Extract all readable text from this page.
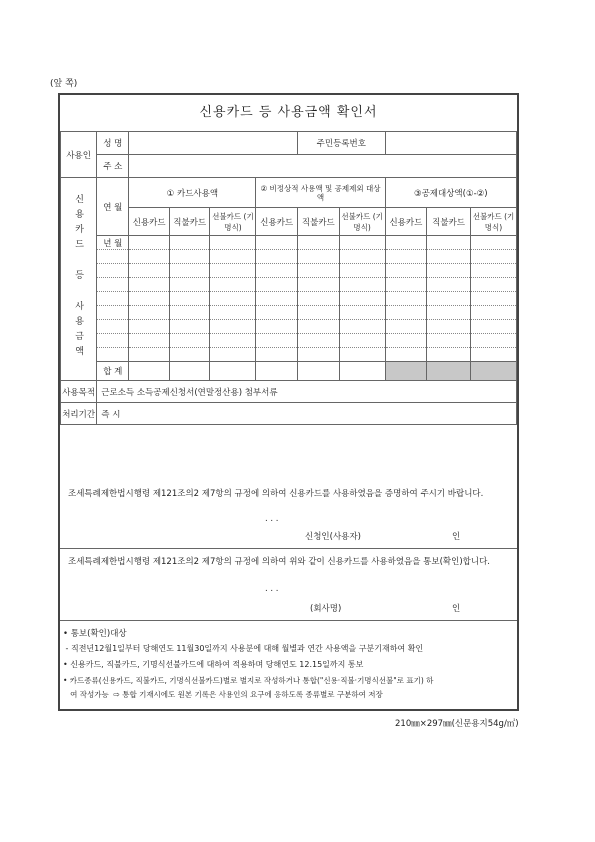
(앞 쪽)
신용카드 등 사용금액 확인서
사용인	성 명					주민등록번호				
	주 소									
신용카드 등 사용금액	연 월	① 카드사용액			② 비정상적 사용액 및 공제제외 대상액			③공제대상액(①-②)		
		신용카드	직불카드	선불카드 (기명식)	신용카드	직불카드	선불카드 (기명식)	신용카드	직불카드	선불카드 (기명식)
	년 월									

	합 계									
사용목적	근로소득 소득공제신청서(연말정산용) 첨부서류									
처리기간	즉 시									
조세특례제한법시행령 제121조의2 제7항의 규정에 의하여 신용카드를 사용하였음을 증명하여 주시기 바랍니다.
. . .
신청인(사용자)	인
조세특례제한법시행령 제121조의2 제7항의 규정에 의하여 위와 같이 신용카드를 사용하였음을 통보(확인)합니다.
. . .
(회사명)	인
• 통보(확인)대상
- 직전년12월1일부터 당해연도 11월30일까지 사용분에 대해 월별과 연간 사용액을 구분기재하여 확인
• 신용카드, 직불카드, 기명식선불카드에 대하여 적용하며 당해연도 12.15일까지 통보
• 카드종류(신용카드, 직불카드, 기명식선불카드)별로 별지로 작성하거나 통합("신용·직불·기명식선불"로 표기) 하
여 작성가능  ⇨ 통합 기재시에도 원본 기록은 사용인의 요구에 응하도록 종류별로 구분하여 저장
210㎜×297㎜(신문용지54g/㎡)
